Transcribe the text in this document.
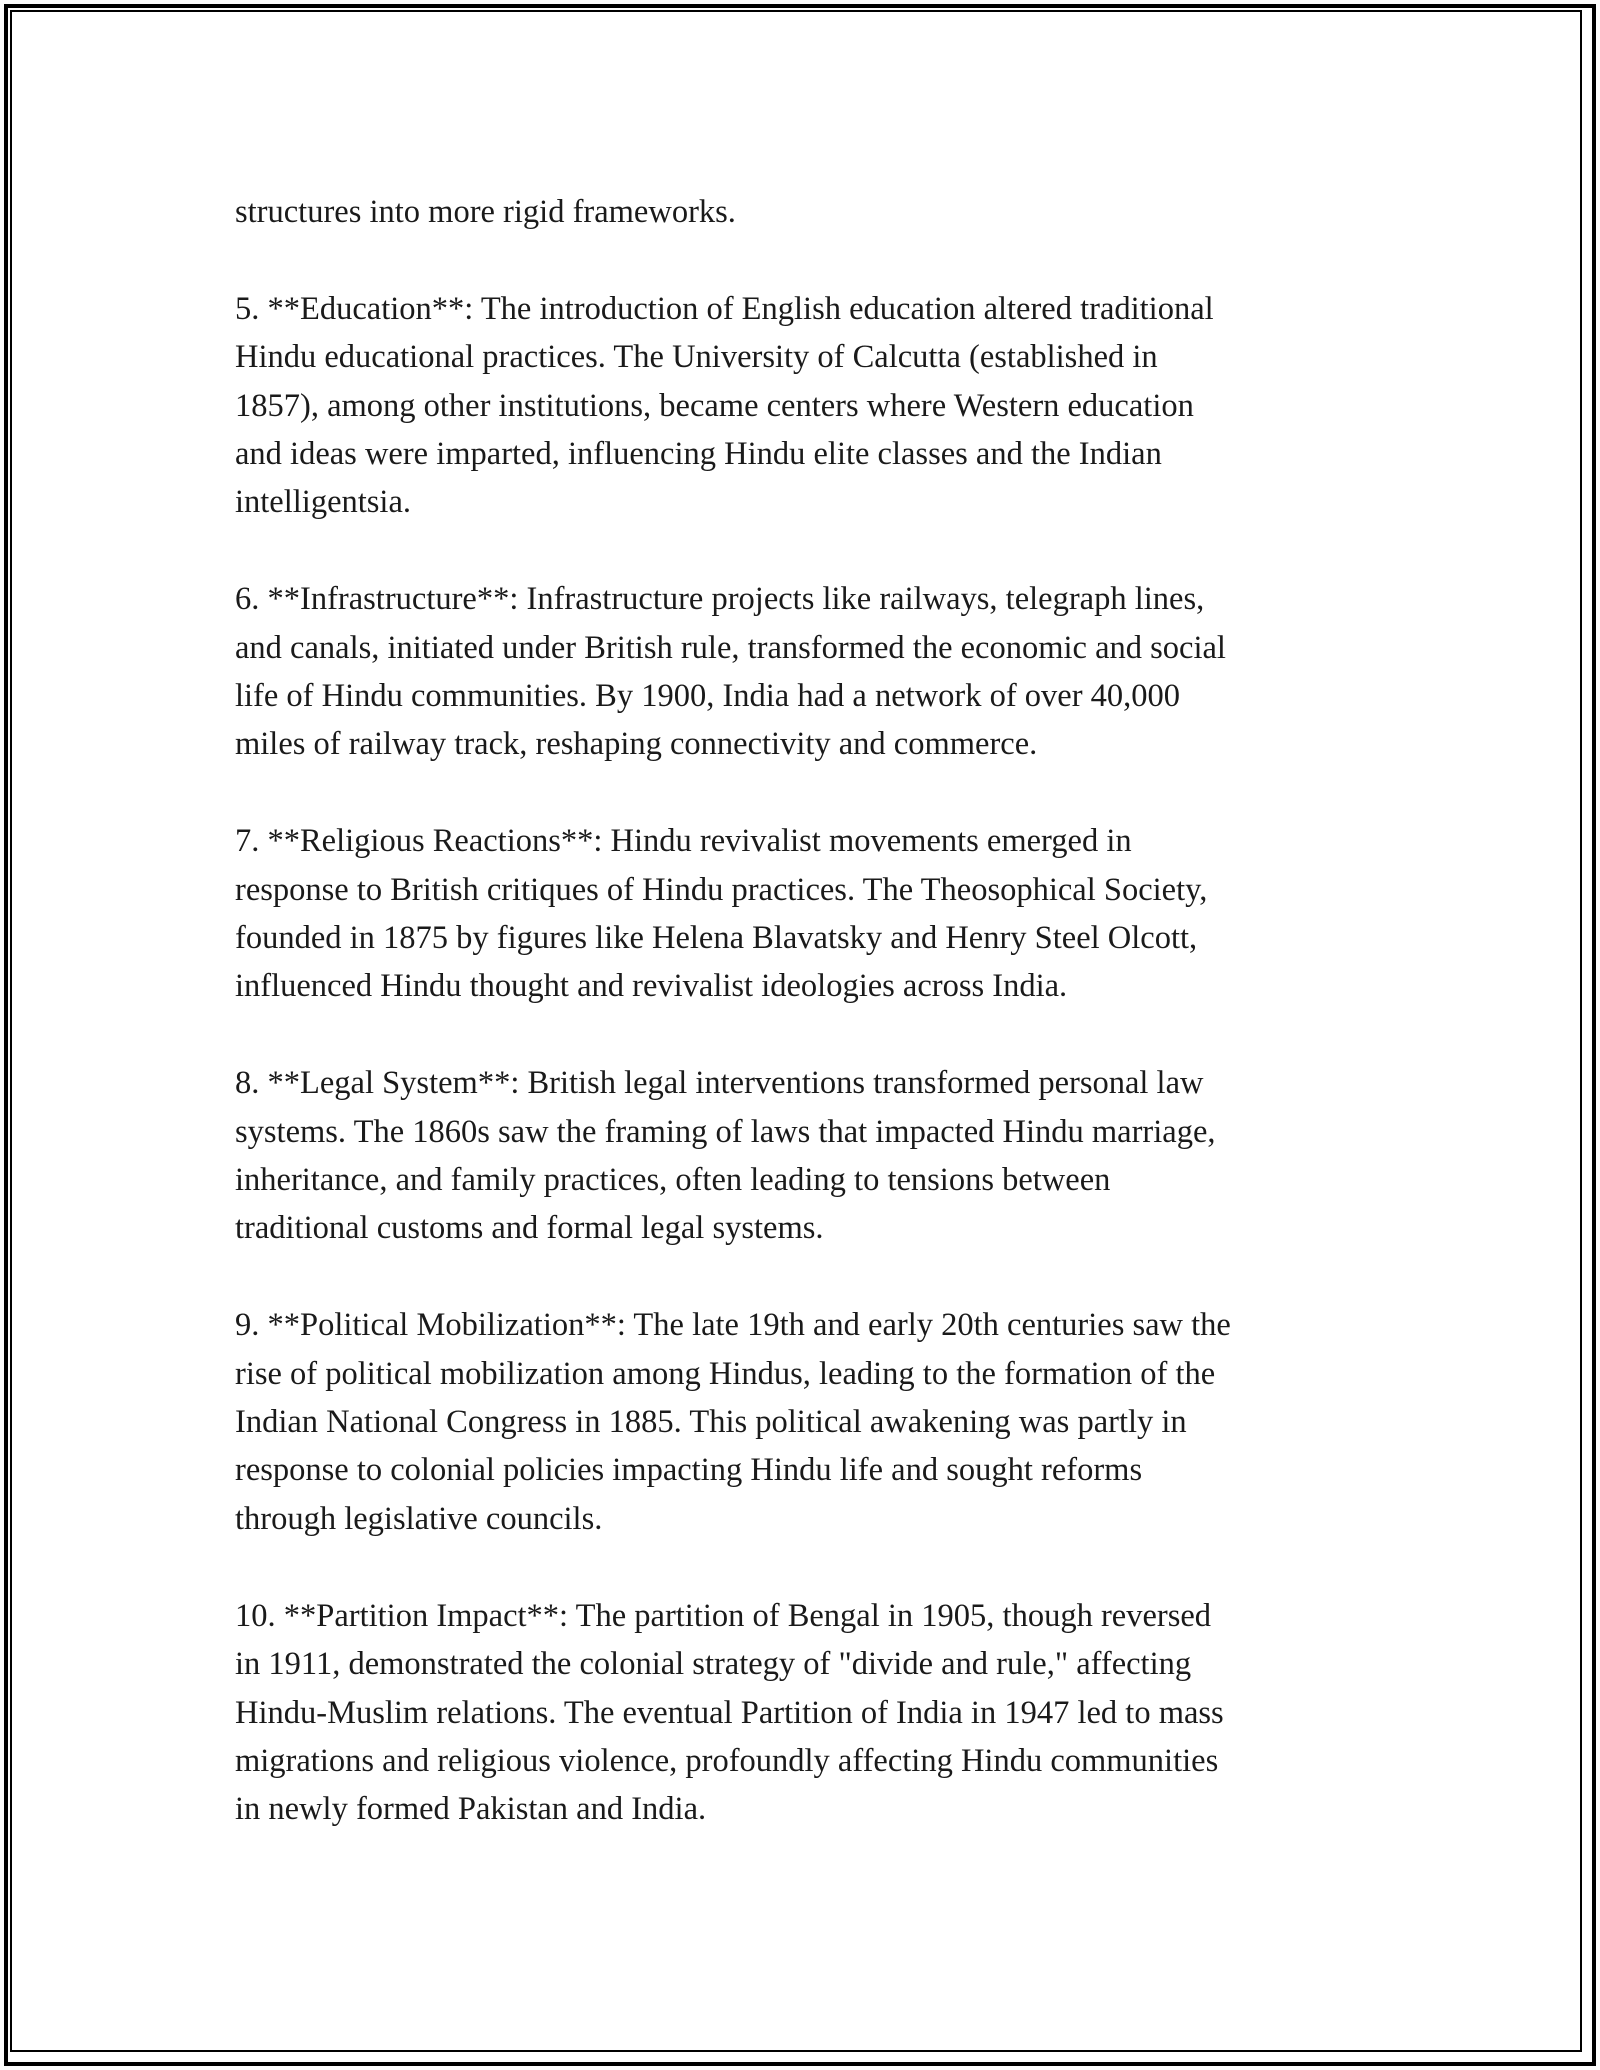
structures into more rigid frameworks.

5. **Education**: The introduction of English education altered traditional
Hindu educational practices. The University of Calcutta (established in
1857), among other institutions, became centers where Western education
and ideas were imparted, influencing Hindu elite classes and the Indian
intelligentsia.

6. **Infrastructure**: Infrastructure projects like railways, telegraph lines,
and canals, initiated under British rule, transformed the economic and social
life of Hindu communities. By 1900, India had a network of over 40,000
miles of railway track, reshaping connectivity and commerce.

7. **Religious Reactions**: Hindu revivalist movements emerged in
response to British critiques of Hindu practices. The Theosophical Society,
founded in 1875 by figures like Helena Blavatsky and Henry Steel Olcott,
influenced Hindu thought and revivalist ideologies across India.

8. **Legal System**: British legal interventions transformed personal law
systems. The 1860s saw the framing of laws that impacted Hindu marriage,
inheritance, and family practices, often leading to tensions between
traditional customs and formal legal systems.

9. **Political Mobilization**: The late 19th and early 20th centuries saw the
rise of political mobilization among Hindus, leading to the formation of the
Indian National Congress in 1885. This political awakening was partly in
response to colonial policies impacting Hindu life and sought reforms
through legislative councils.

10. **Partition Impact**: The partition of Bengal in 1905, though reversed
in 1911, demonstrated the colonial strategy of "divide and rule," affecting
Hindu-Muslim relations. The eventual Partition of India in 1947 led to mass
migrations and religious violence, profoundly affecting Hindu communities
in newly formed Pakistan and India.
